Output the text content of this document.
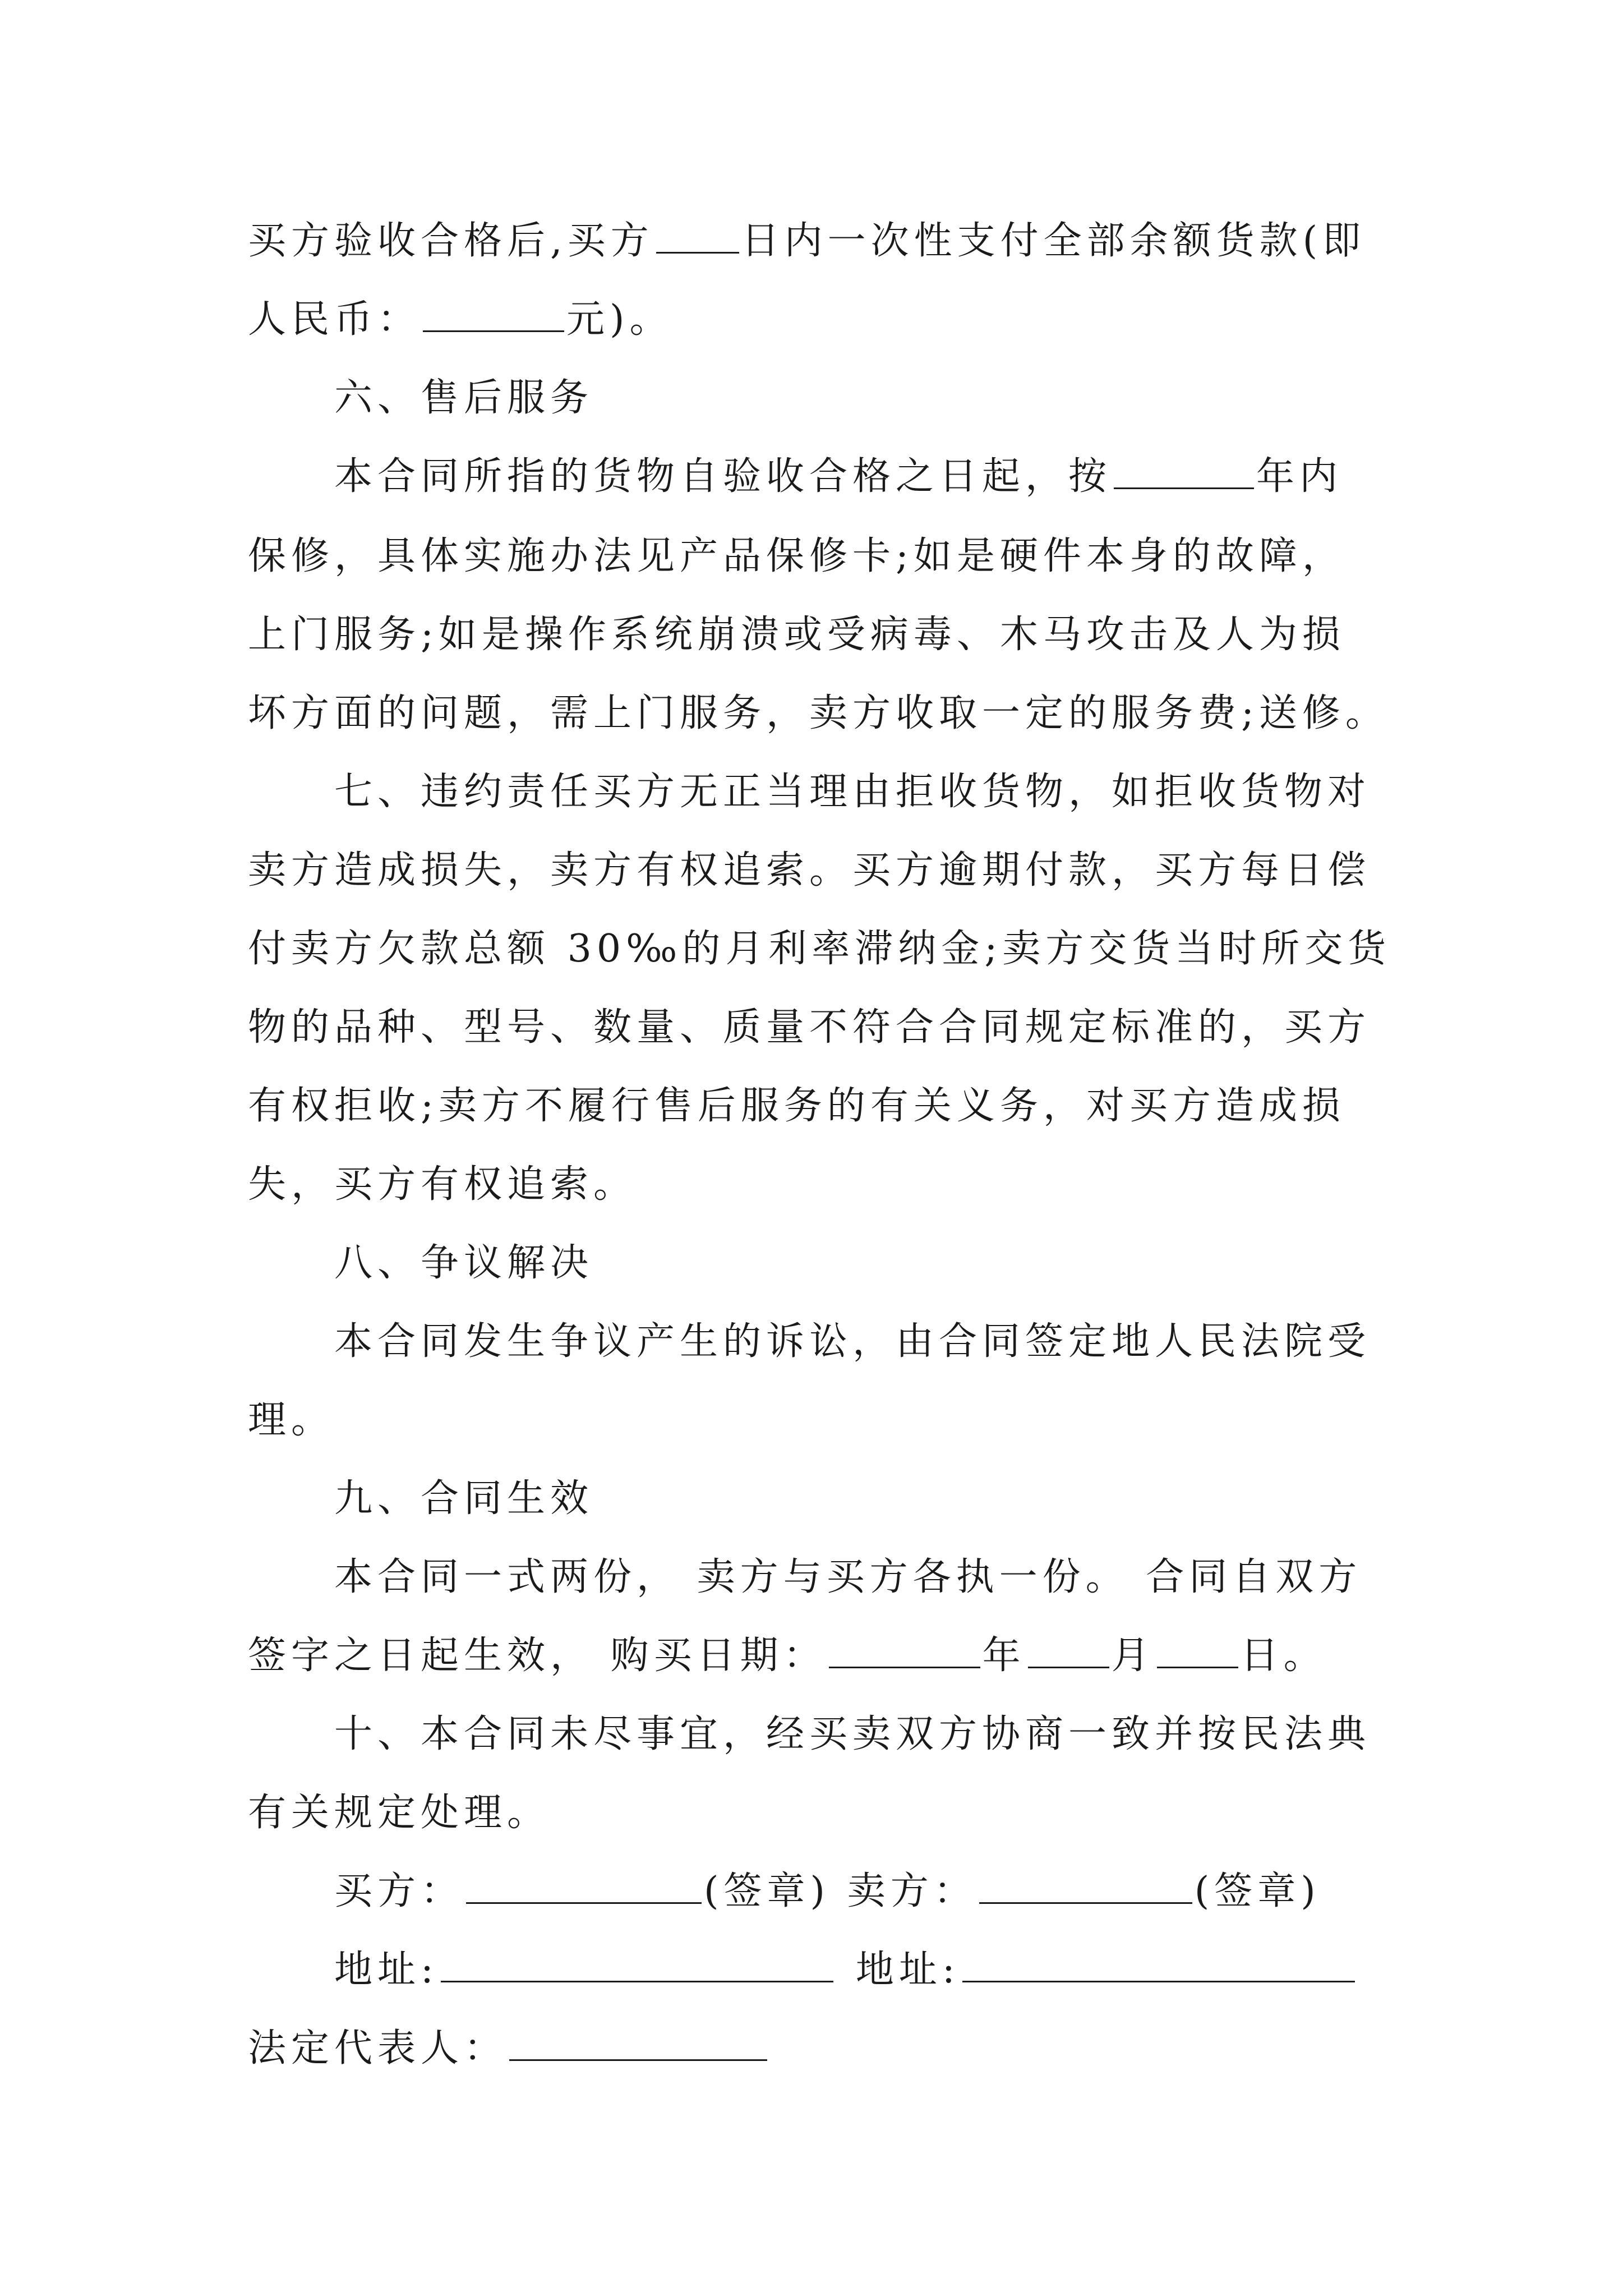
买方验收合格后,买方 日内一次性支付全部余额货款(即
人民币：	元)。
六、售后服务
本合同所指的货物自验收合格之日起，按	年内
保修，具体实施办法见产品保修卡;如是硬件本身的故障，
上门服务;如是操作系统崩溃或受病毒、木马攻击及人为损
坏方面的问题，需上门服务，卖方收取一定的服务费;送修。
七、违约责任买方无正当理由拒收货物，如拒收货物对
卖方造成损失，卖方有权追索。买方逾期付款，买方每日偿
付卖方欠款总额 30‰的月利率滞纳金;卖方交货当时所交货
物的品种、型号、数量、质量不符合合同规定标准的，买方
有权拒收;卖方不履行售后服务的有关义务，对买方造成损
失，买方有权追索。
八、争议解决
本合同发生争议产生的诉讼，由合同签定地人民法院受
理。
九、合同生效
本合同一式两份， 卖方与买方各执一份。 合同自双方
签字之日起生效， 购买日期：	年 月 日。
十、本合同未尽事宜，经买卖双方协商一致并按民法典
有关规定处理。
买方：	(签章) 卖方：	(签章)
地址:	地址:
法定代表人：
